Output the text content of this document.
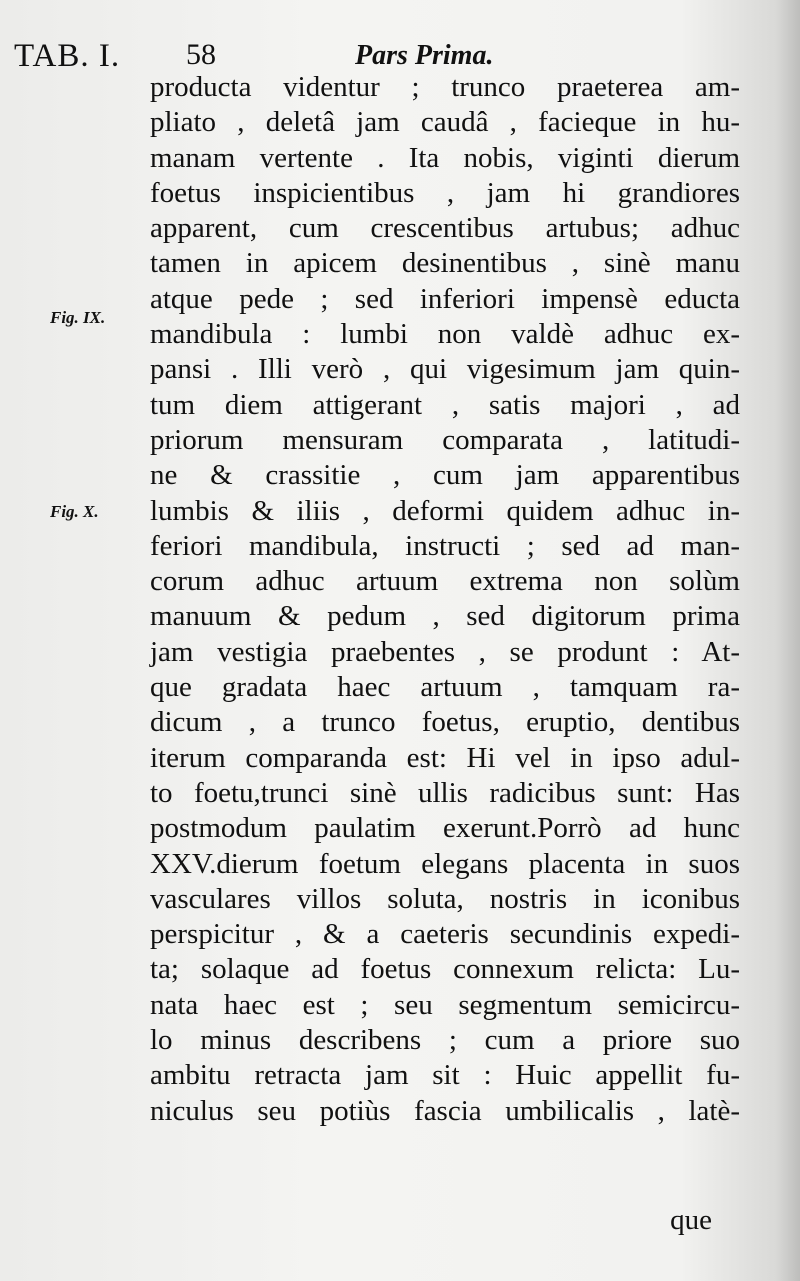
TAB. I. 58	Pars Prima.
Fig. IX.
Fig. X.
producta videntur ; trunco praeterea am-
pliato , deletâ jam caudâ , facieque in hu-
manam vertente . Ita nobis, viginti dierum
foetus inspicientibus , jam hi grandiores
apparent, cum crescentibus artubus; adhuc
tamen in apicem desinentibus , sinè manu
atque pede ; sed inferiori impensè educta
mandibula : lumbi non valdè adhuc ex-
pansi . Illi verò , qui vigesimum jam quin-
tum diem attigerant , satis majori , ad
priorum mensuram comparata , latitudi-
ne & crassitie , cum jam apparentibus
lumbis & iliis , deformi quidem adhuc in-
feriori mandibula, instructi ; sed ad man-
corum adhuc artuum extrema non solùm
manuum & pedum , sed digitorum prima
jam vestigia praebentes , se produnt : At-
que gradata haec artuum , tamquam ra-
dicum , a trunco foetus, eruptio, dentibus
iterum comparanda est: Hi vel in ipso adul-
to foetu,trunci sinè ullis radicibus sunt: Has
postmodum paulatim exerunt.Porrò ad hunc
XXV.dierum foetum elegans placenta in suos
vasculares villos soluta, nostris in iconibus
perspicitur , & a caeteris secundinis expedi-
ta; solaque ad foetus connexum relicta: Lu-
nata haec est ; seu segmentum semicircu-
lo minus describens ; cum a priore suo
ambitu retracta jam sit : Huic appellit fu-
niculus seu potiùs fascia umbilicalis , latè-
que
